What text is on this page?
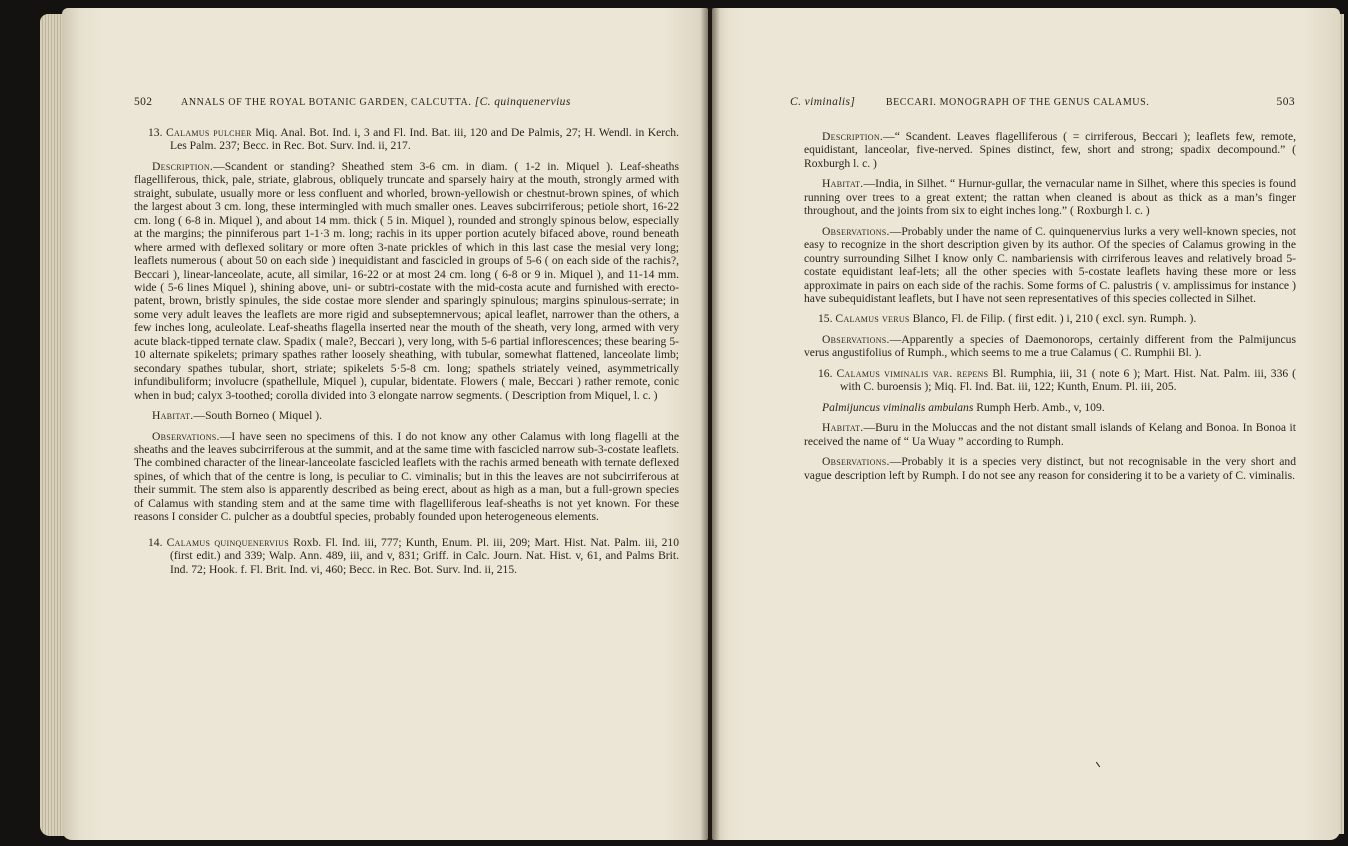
502	ANNALS OF THE ROYAL BOTANIC GARDEN, CALCUTTA. [C. quinquenervius

13. Calamus pulcher Miq. Anal. Bot. Ind. i, 3 and Fl. Ind. Bat. iii, 120 and De Palmis, 27; H. Wendl. in Kerch. Les Palm. 237; Becc. in Rec. Bot. Surv. Ind. ii, 217.

Description.—Scandent or standing? Sheathed stem 3-6 cm. in diam. ( 1-2 in. Miquel ). Leaf-sheaths flagelliferous, thick, pale, striate, glabrous, obliquely truncate and sparsely hairy at the mouth, strongly armed with straight, subulate, usually more or less confluent and whorled, brown-yellowish or chestnut-brown spines, of which the largest about 3 cm. long, these intermingled with much smaller ones. Leaves subcirriferous; petiole short, 16-22 cm. long ( 6-8 in. Miquel ), and about 14 mm. thick ( 5 in. Miquel ), rounded and strongly spinous below, especially at the margins; the pinniferous part 1-1·3 m. long; rachis in its upper portion acutely bifaced above, round beneath where armed with deflexed solitary or more often 3-nate prickles of which in this last case the mesial very long; leaflets numerous ( about 50 on each side ) inequidistant and fascicled in groups of 5-6 ( on each side of the rachis?, Beccari ), linear-lanceolate, acute, all similar, 16-22 or at most 24 cm. long ( 6-8 or 9 in. Miquel ), and 11-14 mm. wide ( 5-6 lines Miquel ), shining above, uni- or subtri-costate with the mid-costa acute and furnished with erecto-patent, brown, bristly spinules, the side costae more slender and sparingly spinulous; margins spinulous-serrate; in some very adult leaves the leaflets are more rigid and subseptemnervous; apical leaflet, narrower than the others, a few inches long, aculeolate. Leaf-sheaths flagella inserted near the mouth of the sheath, very long, armed with very acute black-tipped ternate claw. Spadix ( male?, Beccari ), very long, with 5-6 partial inflorescences; these bearing 5-10 alternate spikelets; primary spathes rather loosely sheathing, with tubular, somewhat flattened, lanceolate limb; secondary spathes tubular, short, striate; spikelets 5·5-8 cm. long; spathels striately veined, asymmetrically infundibuliform; involucre (spathellule, Miquel ), cupular, bidentate. Flowers ( male, Beccari ) rather remote, conic when in bud; calyx 3-toothed; corolla divided into 3 elongate narrow segments. ( Description from Miquel, l. c. )

Habitat.—South Borneo ( Miquel ).

Observations.—I have seen no specimens of this. I do not know any other Calamus with long flagelli at the sheaths and the leaves subcirriferous at the summit, and at the same time with fascicled narrow sub-3-costate leaflets. The combined character of the linear-lanceolate fascicled leaflets with the rachis armed beneath with ternate deflexed spines, of which that of the centre is long, is peculiar to C. viminalis; but in this the leaves are not subcirriferous at their summit. The stem also is apparently described as being erect, about as high as a man, but a full-grown species of Calamus with standing stem and at the same time with flagelliferous leaf-sheaths is not yet known. For these reasons I consider C. pulcher as a doubtful species, probably founded upon heterogeneous elements.

14. Calamus quinquenervius Roxb. Fl. Ind. iii, 777; Kunth, Enum. Pl. iii, 209; Mart. Hist. Nat. Palm. iii, 210 (first edit.) and 339; Walp. Ann. 489, iii, and v, 831; Griff. in Calc. Journ. Nat. Hist. v, 61, and Palms Brit. Ind. 72; Hook. f. Fl. Brit. Ind. vi, 460; Becc. in Rec. Bot. Surv. Ind. ii, 215.

C. viminalis]	BECCARI. MONOGRAPH OF THE GENUS CALAMUS.	503

Description.—“ Scandent. Leaves flagelliferous ( = cirriferous, Beccari ); leaflets few, remote, equidistant, lanceolar, five-nerved. Spines distinct, few, short and strong; spadix decompound.” ( Roxburgh l. c. )

Habitat.—India, in Silhet. “ Hurnur-gullar, the vernacular name in Silhet, where this species is found running over trees to a great extent; the rattan when cleaned is about as thick as a man’s finger throughout, and the joints from six to eight inches long.” ( Roxburgh l. c. )

Observations.—Probably under the name of C. quinquenervius lurks a very well-known species, not easy to recognize in the short description given by its author. Of the species of Calamus growing in the country surrounding Silhet I know only C. nambariensis with cirriferous leaves and relatively broad 5-costate equidistant leaf-lets; all the other species with 5-costate leaflets having these more or less approximate in pairs on each side of the rachis. Some forms of C. palustris ( v. amplissimus for instance ) have subequidistant leaflets, but I have not seen representatives of this species collected in Silhet.

15. Calamus verus Blanco, Fl. de Filip. ( first edit. ) i, 210 ( excl. syn. Rumph. ).

Observations.—Apparently a species of Daemonorops, certainly different from the Palmijuncus verus angustifolius of Rumph., which seems to me a true Calamus ( C. Rumphii Bl. ).

16. Calamus viminalis var. repens Bl. Rumphia, iii, 31 ( note 6 ); Mart. Hist. Nat. Palm. iii, 336 ( with C. buroensis ); Miq. Fl. Ind. Bat. iii, 122; Kunth, Enum. Pl. iii, 205.

Palmijuncus viminalis ambulans Rumph Herb. Amb., v, 109.

Habitat.—Buru in the Moluccas and the not distant small islands of Kelang and Bonoa. In Bonoa it received the name of “ Ua Wuay ” according to Rumph.

Observations.—Probably it is a species very distinct, but not recognisable in the very short and vague description left by Rumph. I do not see any reason for considering it to be a variety of C. viminalis.
